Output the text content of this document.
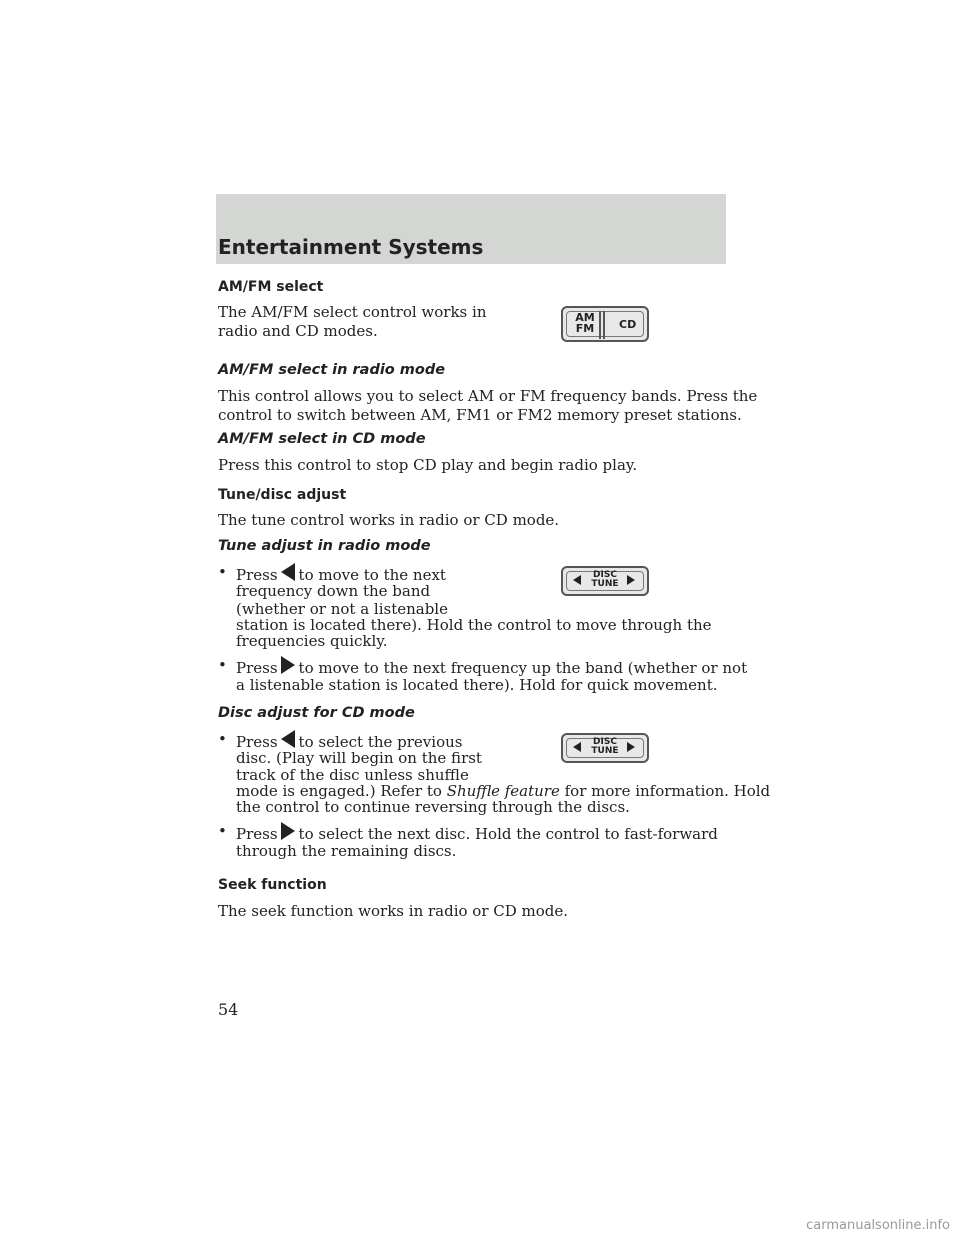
Entertainment Systems
AM/FM select
The AM/FM select control works in
radio and CD modes.
AM
FM CD
AM/FM select in radio mode
This control allows you to select AM or FM frequency bands. Press the
control to switch between AM, FM1 or FM2 memory preset stations.
AM/FM select in CD mode
Press this control to stop CD play and begin radio play.
Tune/disc adjust
The tune control works in radio or CD mode.
Tune adjust in radio mode
• Press to move to the next
frequency down the band
(whether or not a listenable
station is located there). Hold the control to move through the
frequencies quickly.
DISC
TUNE
• Press to move to the next frequency up the band (whether or not
a listenable station is located there). Hold for quick movement.
Disc adjust for CD mode
• Press to select the previous
disc. (Play will begin on the first
track of the disc unless shuffle
mode is engaged.) Refer to Shuffle feature for more information. Hold
the control to continue reversing through the discs.
DISC
TUNE
• Press to select the next disc. Hold the control to fast-forward
through the remaining discs.
Seek function
The seek function works in radio or CD mode.
54
carmanualsonline.info
